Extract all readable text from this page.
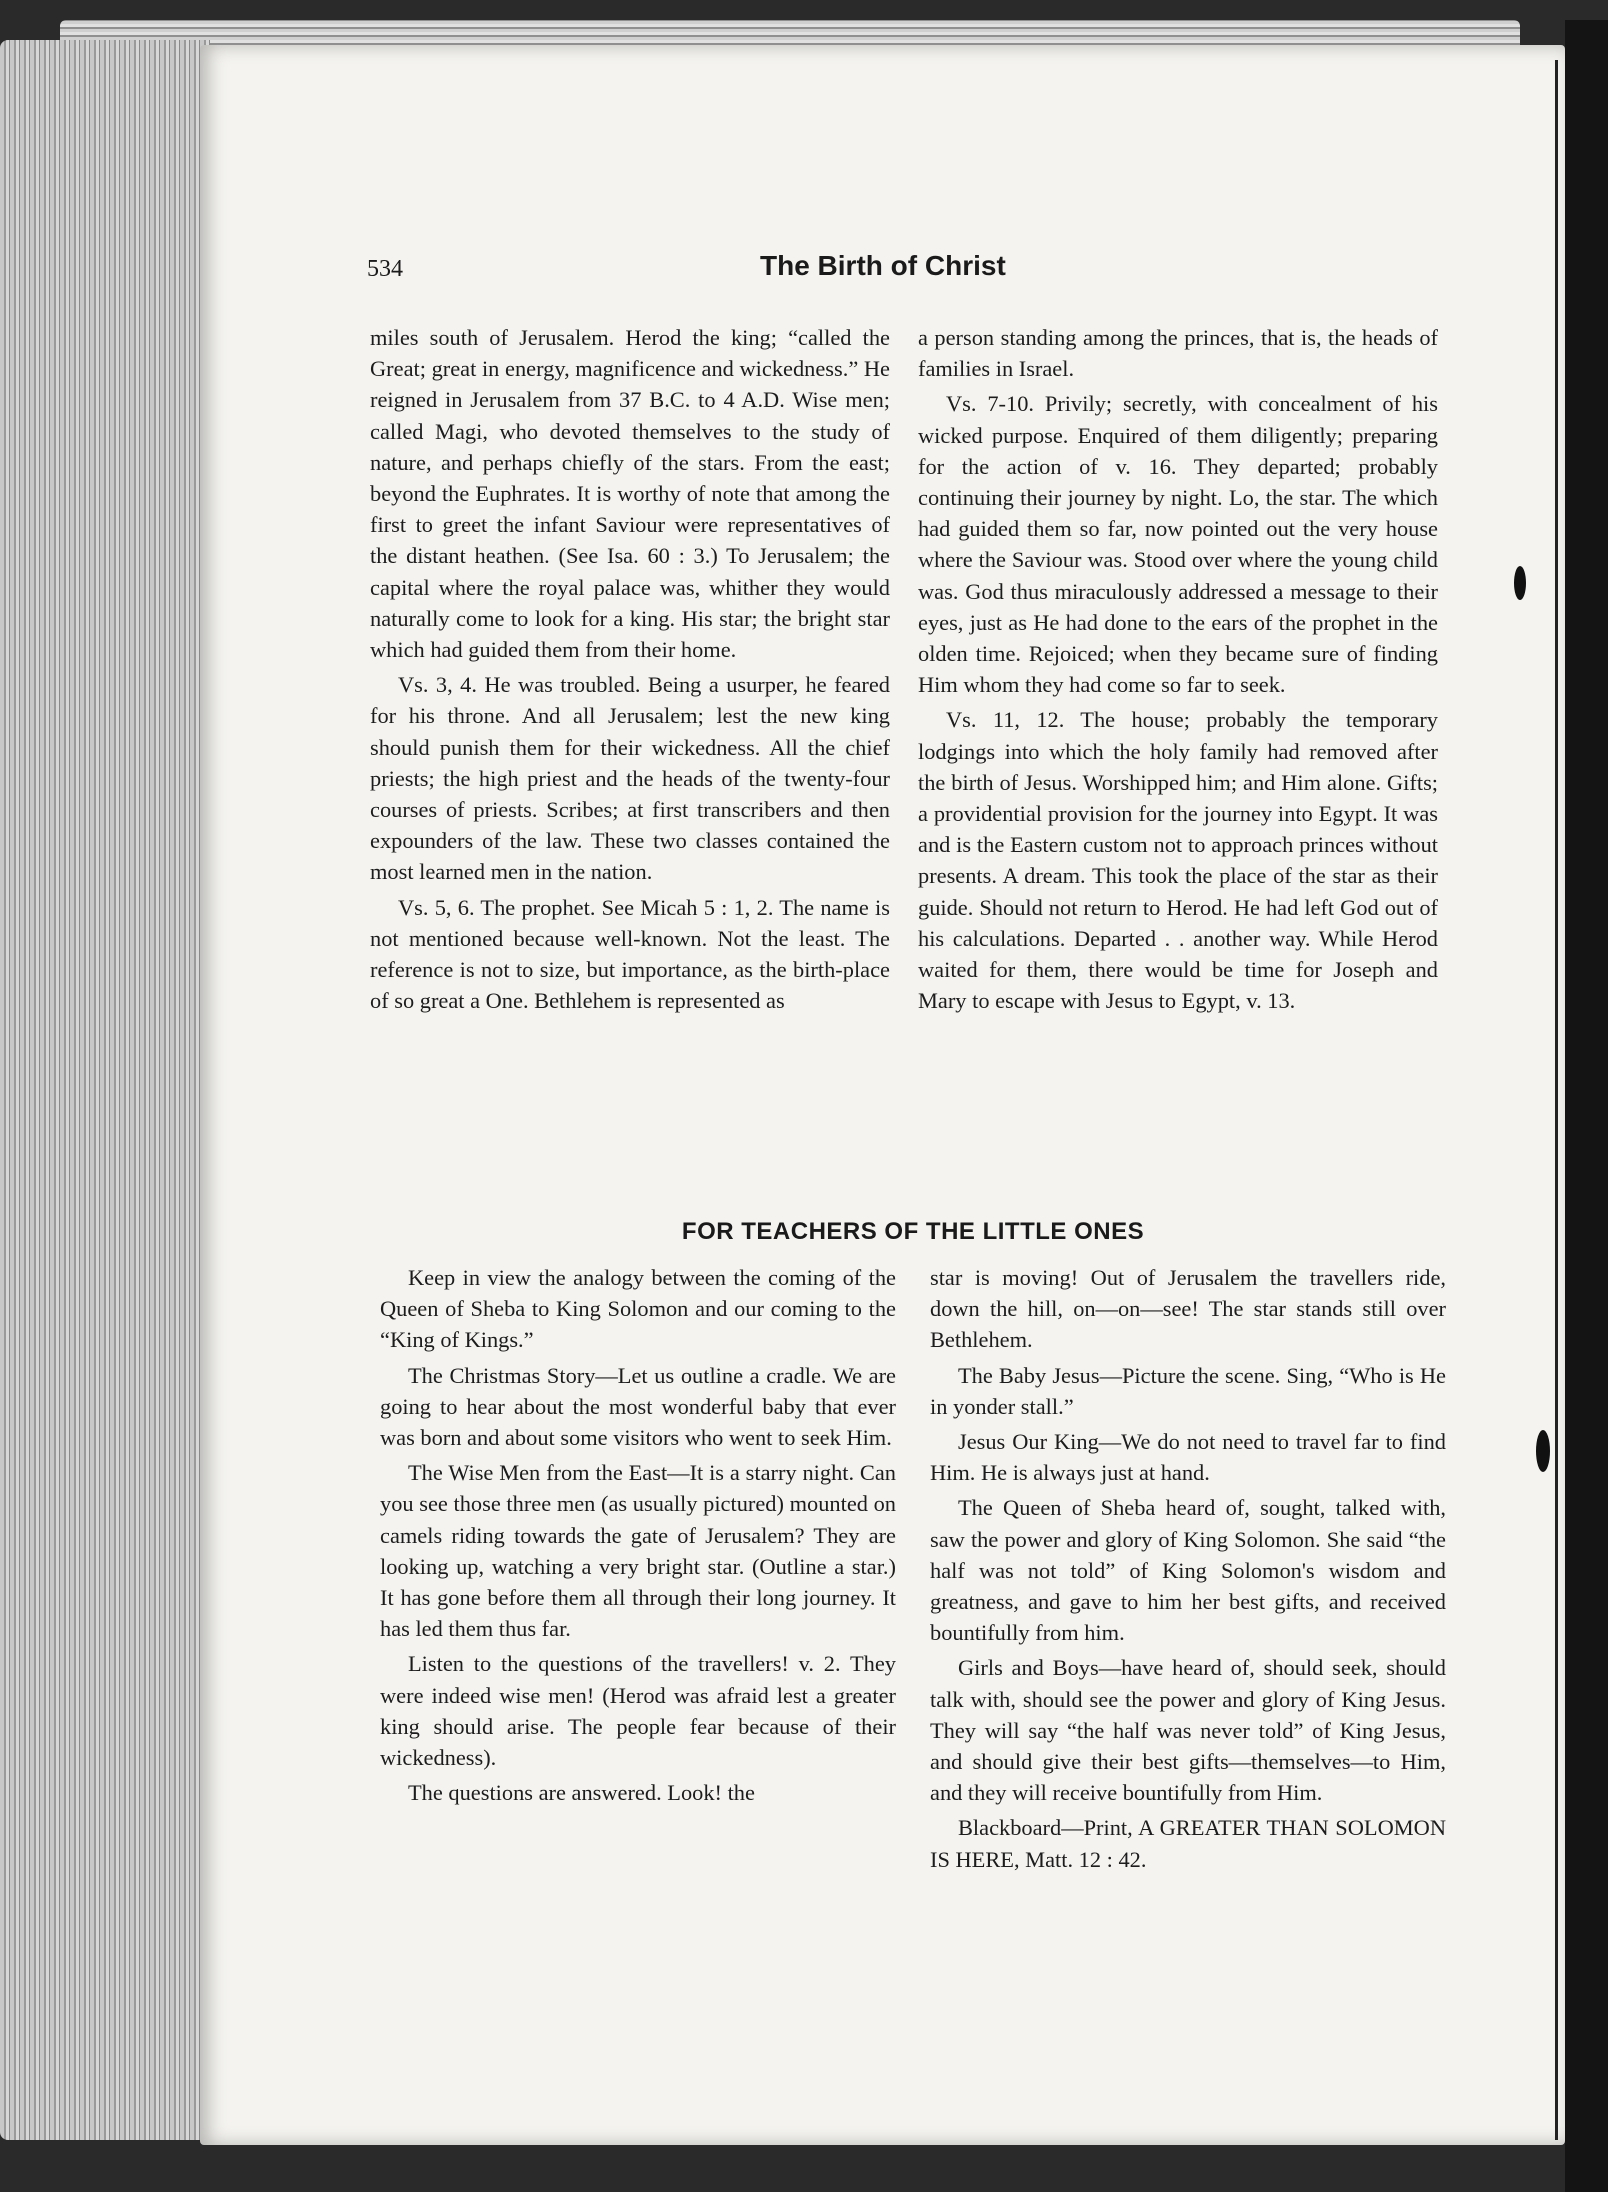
534	The Birth of Christ

miles south of Jerusalem. Herod the king; “called the Great; great in energy, magnificence and wickedness.” He reigned in Jerusalem from 37 B.C. to 4 A.D. Wise men; called Magi, who devoted themselves to the study of nature, and perhaps chiefly of the stars. From the east; beyond the Euphrates. It is worthy of note that among the first to greet the infant Saviour were representatives of the distant heathen. (See Isa. 60 : 3.) To Jerusalem; the capital where the royal palace was, whither they would naturally come to look for a king. His star; the bright star which had guided them from their home.

Vs. 3, 4. He was troubled. Being a usurper, he feared for his throne. And all Jerusalem; lest the new king should punish them for their wickedness. All the chief priests; the high priest and the heads of the twenty-four courses of priests. Scribes; at first transcribers and then expounders of the law. These two classes contained the most learned men in the nation.

Vs. 5, 6. The prophet. See Micah 5 : 1, 2. The name is not mentioned because well-known. Not the least. The reference is not to size, but importance, as the birth-place of so great a One. Bethlehem is represented as

a person standing among the princes, that is, the heads of families in Israel.

Vs. 7-10. Privily; secretly, with concealment of his wicked purpose. Enquired of them diligently; preparing for the action of v. 16. They departed; probably continuing their journey by night. Lo, the star. The which had guided them so far, now pointed out the very house where the Saviour was. Stood over where the young child was. God thus miraculously addressed a message to their eyes, just as He had done to the ears of the prophet in the olden time. Rejoiced; when they became sure of finding Him whom they had come so far to seek.

Vs. 11, 12. The house; probably the temporary lodgings into which the holy family had removed after the birth of Jesus. Worshipped him; and Him alone. Gifts; a providential provision for the journey into Egypt. It was and is the Eastern custom not to approach princes without presents. A dream. This took the place of the star as their guide. Should not return to Herod. He had left God out of his calculations. Departed . . another way. While Herod waited for them, there would be time for Joseph and Mary to escape with Jesus to Egypt, v. 13.

FOR TEACHERS OF THE LITTLE ONES

Keep in view the analogy between the coming of the Queen of Sheba to King Solomon and our coming to the “King of Kings.”

The Christmas Story—Let us outline a cradle. We are going to hear about the most wonderful baby that ever was born and about some visitors who went to seek Him.

The Wise Men from the East—It is a starry night. Can you see those three men (as usually pictured) mounted on camels riding towards the gate of Jerusalem? They are looking up, watching a very bright star. (Outline a star.) It has gone before them all through their long journey. It has led them thus far.

Listen to the questions of the travellers! v. 2. They were indeed wise men! (Herod was afraid lest a greater king should arise. The people fear because of their wickedness).

The questions are answered. Look! the

star is moving! Out of Jerusalem the travellers ride, down the hill, on—on—see! The star stands still over Bethlehem.

The Baby Jesus—Picture the scene. Sing, “Who is He in yonder stall.”

Jesus Our King—We do not need to travel far to find Him. He is always just at hand.

The Queen of Sheba heard of, sought, talked with, saw the power and glory of King Solomon. She said “the half was not told” of King Solomon's wisdom and greatness, and gave to him her best gifts, and received bountifully from him.

Girls and Boys—have heard of, should seek, should talk with, should see the power and glory of King Jesus. They will say “the half was never told” of King Jesus, and should give their best gifts—themselves—to Him, and they will receive bountifully from Him.

Blackboard—Print, A GREATER THAN SOLOMON IS HERE, Matt. 12 : 42.
